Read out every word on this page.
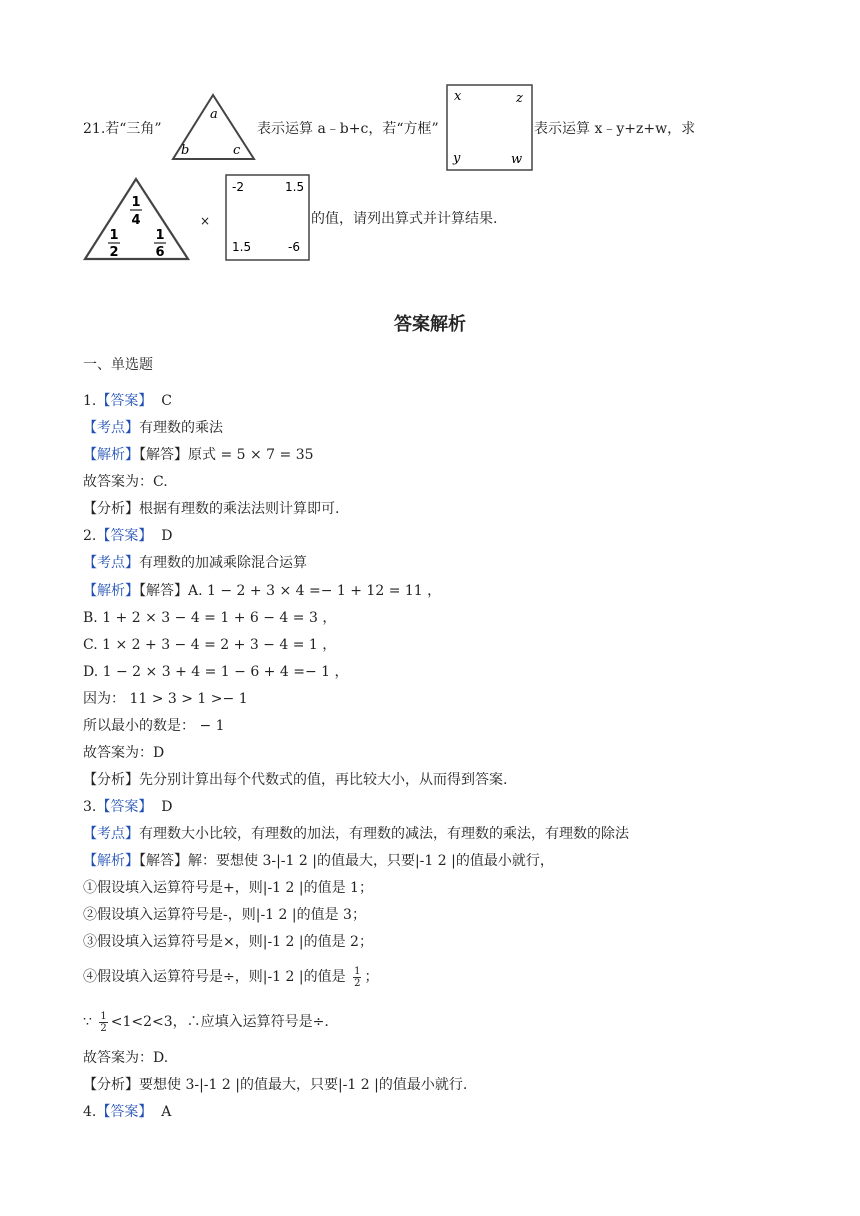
21.若“三角”
a
b	c
表示运算 a﹣b+c，若“方框”
x	z
y	w
表示运算 x﹣y+z+w，求
1
4
1
2
1
6
×
-2	1.5
1.5	-6
的值，请列出算式并计算结果.
答案解析
一、单选题
1.【答案】 C
【考点】有理数的乘法
【解析】【解答】原式 = 5 × 7 = 35
故答案为：C.
【分析】根据有理数的乘法法则计算即可.
2.【答案】 D
【考点】有理数的加减乘除混合运算
【解析】【解答】A. 1 − 2 + 3 × 4 =− 1 + 12 = 11 ，
B. 1 + 2 × 3 − 4 = 1 + 6 − 4 = 3 ，
C. 1 × 2 + 3 − 4 = 2 + 3 − 4 = 1 ，
D. 1 − 2 × 3 + 4 = 1 − 6 + 4 =− 1 ，
因为： 11 > 3 > 1 >− 1
所以最小的数是： − 1
故答案为：D
【分析】先分别计算出每个代数式的值，再比较大小，从而得到答案.
3.【答案】 D
【考点】有理数大小比较，有理数的加法，有理数的减法，有理数的乘法，有理数的除法
【解析】【解答】解：要想使 3-|-1 2 |的值最大，只要|-1 2 |的值最小就行，
①假设填入运算符号是+，则|-1 2 |的值是 1；
②假设填入运算符号是-，则|-1 2 |的值是 3；
③假设填入运算符号是×，则|-1 2 |的值是 2；
④假设填入运算符号是÷，则|-1 2 |的值是 $\frac{1}{2}$ ；
∵ $\frac{1}{2} <1<2<3$，∴应填入运算符号是÷.
故答案为：D.
【分析】要想使 3-|-1 2 |的值最大，只要|-1 2 |的值最小就行.
4.【答案】 A
